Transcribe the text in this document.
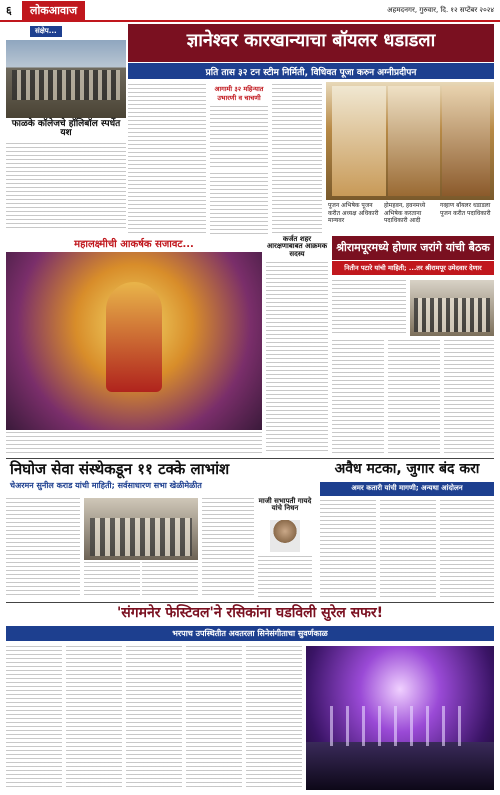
६	लोकआवाज	अहमदनगर, गुरुवार, दि. १२ सप्टेंबर २०२४
संक्षेप...
फाळके कॉलेजचे हॉलिबॉल स्पर्धेत यश
ज्ञानेश्वर कारखान्याचा बॉयलर धडाडला
प्रति तास ३२ टन स्टीम निर्मिती, विधिवत पूजा करुन अग्नीप्रदीपन
आगामी ३२ महिन्यात उभारणी व चाचणी
पूजन अभिषेक पूजन करीत अध्यक्ष अधिकारी मान्यवर
होमहवन, हवनमध्ये अभिषेक करताना पदाधिकारी आदी
गव्हाण बॉयलर धडाडला पूजन करीत पदाधिकारी
महालक्ष्मीची आकर्षक सजावट...	कर्जत शहर आरक्षणाबाबत आक्रमक सदस्य	श्रीरामपूरमध्ये होणार जरांगे यांची बैठक
नितीन पटारे यांची माहिती; ...तर श्रीरामपूर उमेदवार देणार
निघोज सेवा संस्थेकडून ११ टक्के लाभांश
चेअरमन सुनील कराड यांची माहिती; सर्वसाधारण सभा खेळीमेळीत
माजी सभापती गायदे यांचे निधन
अवैध मटका, जुगार बंद करा
अमर कतारी यांची मागणी; अन्यथा आंदोलन
'संगमनेर फेस्टिवल'ने रसिकांना घडविली सुरेल सफर!
भरपाच उपस्थितीत अवतरला सिनेसंगीताचा सुवर्णकाळ
